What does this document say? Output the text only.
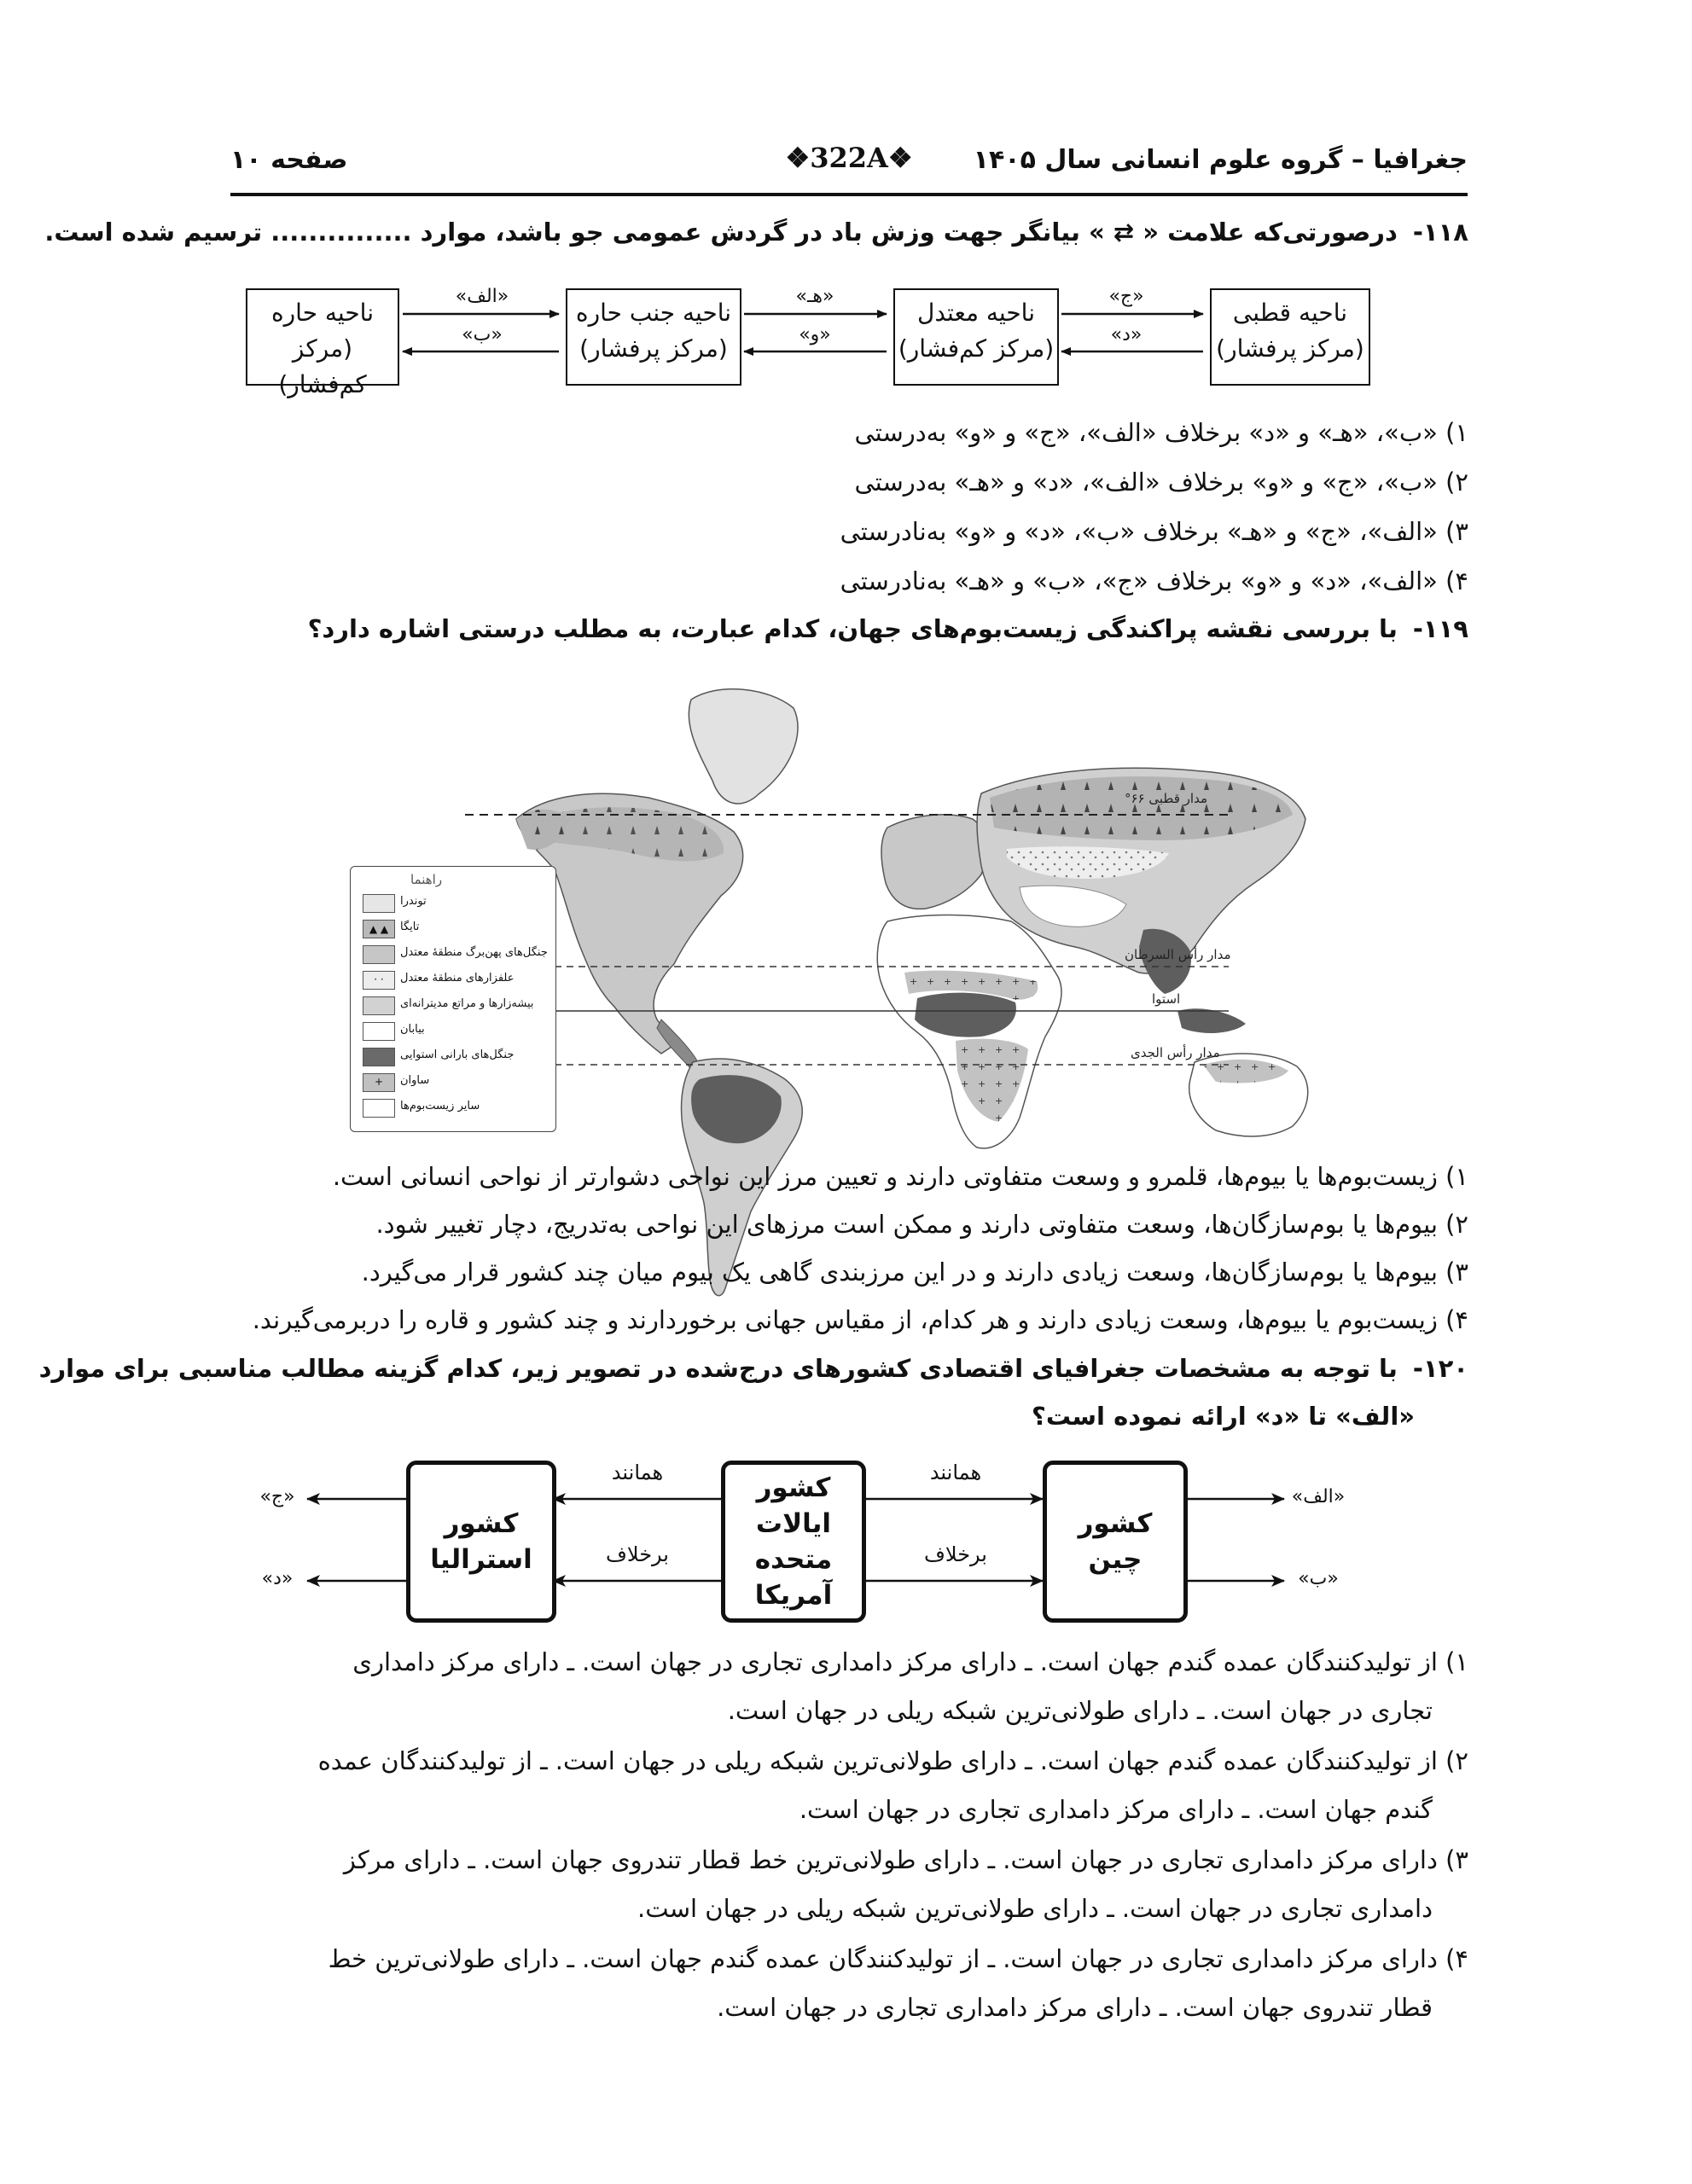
صفحه ۱۰	❖322A❖	جغرافیا – گروه علوم انسانی سال ۱۴۰۵
۱۱۸-درصورتی‌که علامت « ⇄ » بیانگر جهت وزش باد در گردش عمومی جو باشد، موارد ............... ترسیم شده است.
ناحیه قطبی
(مرکز پرفشار)
ناحیه معتدل
(مرکز کم‌فشار)
ناحیه جنب حاره
(مرکز پرفشار)
ناحیه حاره
(مرکز کم‌فشار)
«ج»
«د»
«هـ»
«و»
«الف»
«ب»
۱) «ب»، «هـ» و «د» برخلاف «الف»، «ج» و «و» به‌درستی
۲) «ب»، «ج» و «و» برخلاف «الف»، «د» و «هـ» به‌درستی
۳) «الف»، «ج» و «هـ» برخلاف «ب»، «د» و «و» به‌نادرستی
۴) «الف»، «د» و «و» برخلاف «ج»، «ب» و «هـ» به‌نادرستی
۱۱۹-با بررسی نقشه پراکندگی زیست‌بوم‌های جهان، کدام عبارت، به مطلب درستی اشاره دارد؟
مدار قطبی ۶۶°
مدار رأس السرطان
استوا
مدار رأس الجدی
راهنما
توندرا
▲ ▲	تایگا
جنگل‌های پهن‌برگ منطقهٔ معتدل
· ·	علفزارهای منطقهٔ معتدل
بیشه‌زارها و مراتع مدیترانه‌ای
بیابان
جنگل‌های بارانی استوایی
+	ساوان
سایر زیست‌بوم‌ها
۱) زیست‌بوم‌ها یا بیوم‌ها، قلمرو و وسعت متفاوتی دارند و تعیین مرز این نواحی دشوارتر از نواحی انسانی است.
۲) بیوم‌ها یا بوم‌سازگان‌ها، وسعت متفاوتی دارند و ممکن است مرزهای این نواحی به‌تدریج، دچار تغییر شود.
۳) بیوم‌ها یا بوم‌سازگان‌ها، وسعت زیادی دارند و در این مرزبندی گاهی یک بیوم میان چند کشور قرار می‌گیرد.
۴) زیست‌بوم یا بیوم‌ها، وسعت زیادی دارند و هر کدام، از مقیاس جهانی برخوردارند و چند کشور و قاره را دربرمی‌گیرند.
۱۲۰-با توجه به مشخصات جغرافیای اقتصادی کشورهای درج‌شده در تصویر زیر، کدام گزینه مطالب مناسبی برای موارد
«الف» تا «د» ارائه نموده است؟
کشور
چین
کشور
ایالات متحده
آمریکا
کشور
استرالیا
همانند
برخلاف
همانند
برخلاف
«الف»
«ب»
«ج»
«د»
۱) از تولیدکنندگان عمده گندم جهان است. ـ دارای مرکز دامداری تجاری در جهان است. ـ دارای مرکز دامداری
تجاری در جهان است. ـ دارای طولانی‌ترین شبکه ریلی در جهان است.
۲) از تولیدکنندگان عمده گندم جهان است. ـ دارای طولانی‌ترین شبکه ریلی در جهان است. ـ از تولیدکنندگان عمده
گندم جهان است. ـ دارای مرکز دامداری تجاری در جهان است.
۳) دارای مرکز دامداری تجاری در جهان است. ـ دارای طولانی‌ترین خط قطار تندروی جهان است. ـ دارای مرکز
دامداری تجاری در جهان است. ـ دارای طولانی‌ترین شبکه ریلی در جهان است.
۴) دارای مرکز دامداری تجاری در جهان است. ـ از تولیدکنندگان عمده گندم جهان است. ـ دارای طولانی‌ترین خط
قطار تندروی جهان است. ـ دارای مرکز دامداری تجاری در جهان است.
